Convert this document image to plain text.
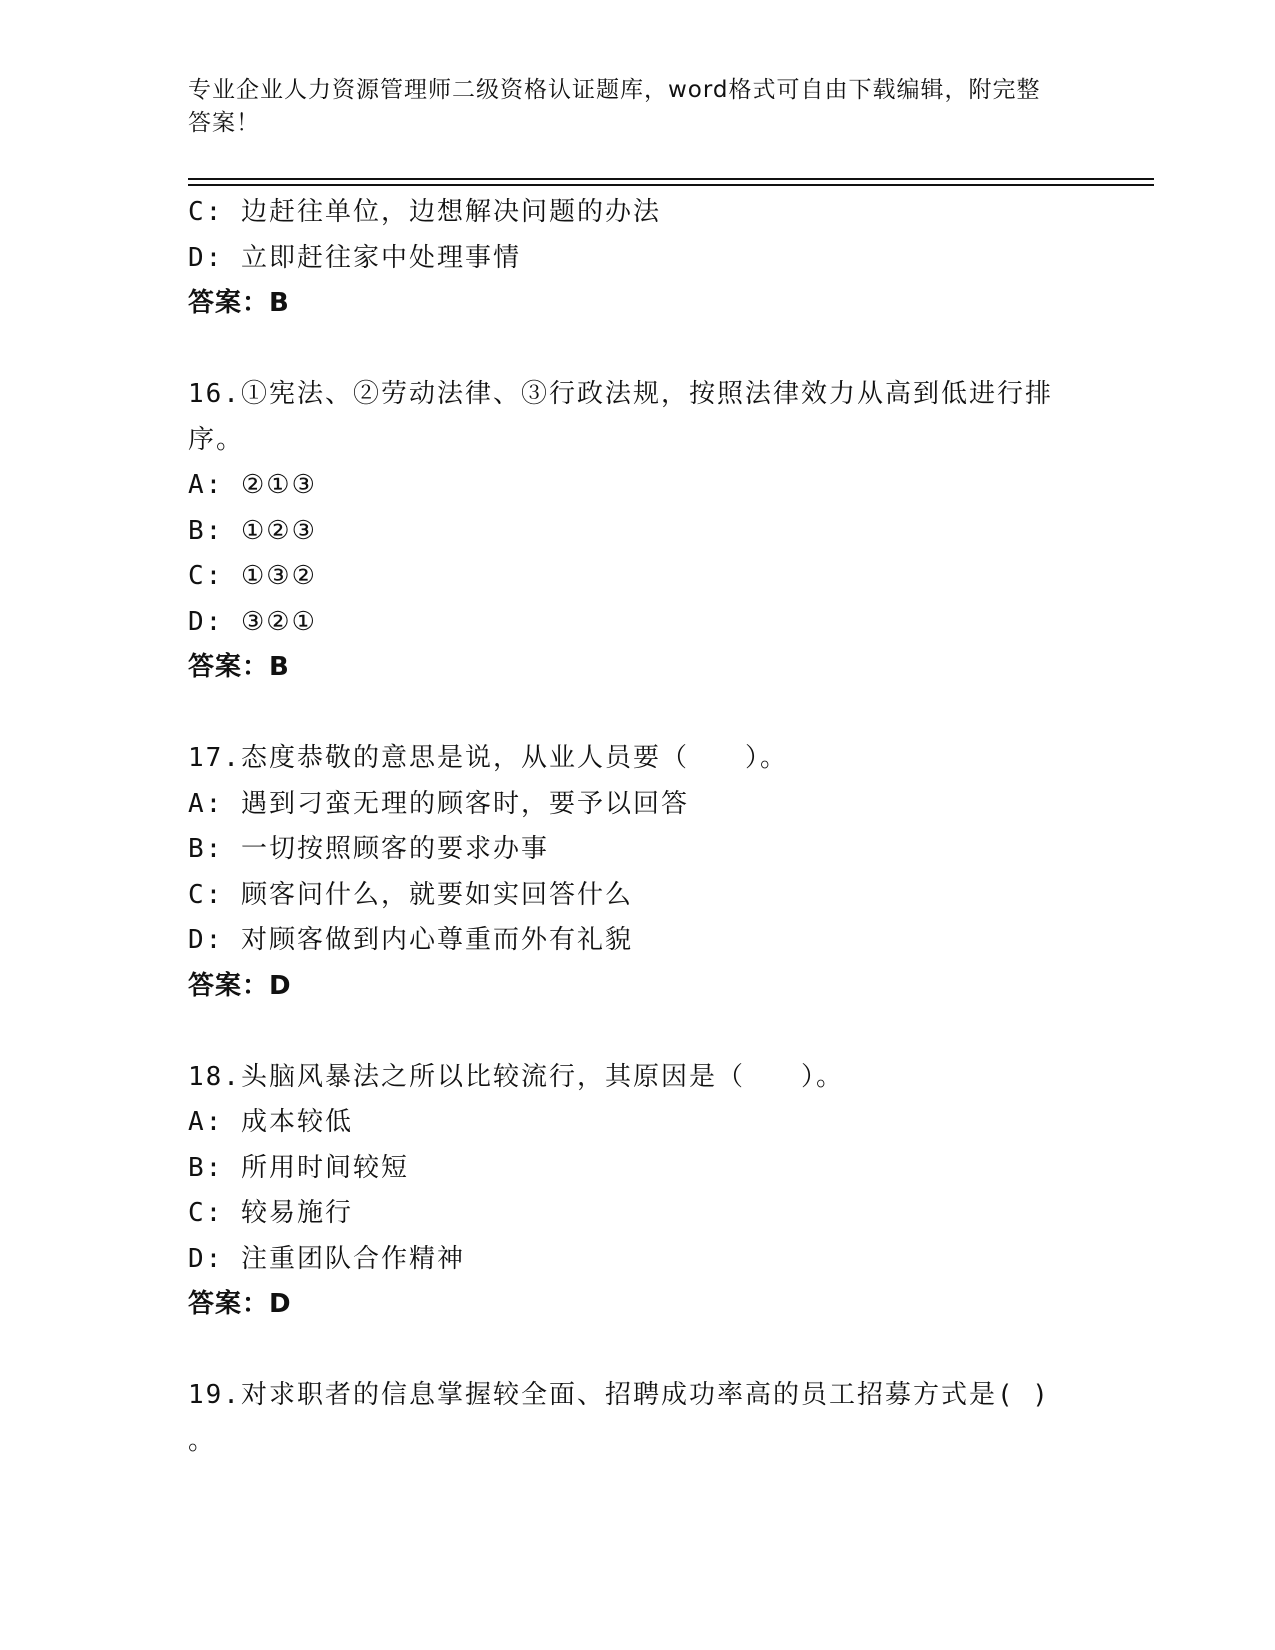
专业企业人力资源管理师二级资格认证题库，word格式可自由下载编辑，附完整
答案！
C: 边赶往单位，边想解决问题的办法
D: 立即赶往家中处理事情
答案：B
16.①宪法、②劳动法律、③行政法规，按照法律效力从高到低进行排
序。
A: ②①③
B: ①②③
C: ①③②
D: ③②①
答案：B
17.态度恭敬的意思是说，从业人员要（　　）。
A: 遇到刁蛮无理的顾客时，要予以回答
B: 一切按照顾客的要求办事
C: 顾客问什么，就要如实回答什么
D: 对顾客做到内心尊重而外有礼貌
答案：D
18.头脑风暴法之所以比较流行，其原因是（　　）。
A: 成本较低
B: 所用时间较短
C: 较易施行
D: 注重团队合作精神
答案：D
19.对求职者的信息掌握较全面、招聘成功率高的员工招募方式是( )
。
